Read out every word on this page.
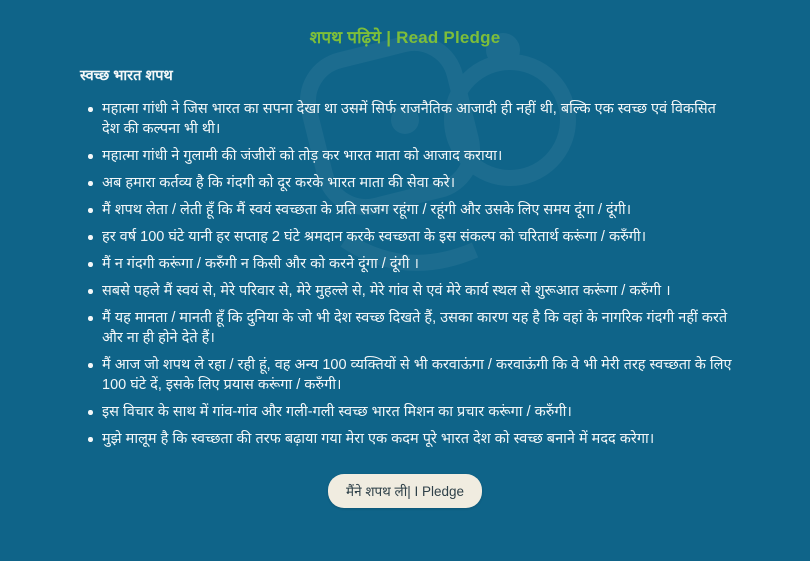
शपथ पढ़िये | Read Pledge
स्वच्छ भारत शपथ
महात्मा गांधी ने जिस भारत का सपना देखा था उसमें सिर्फ राजनैतिक आजादी ही नहीं थी, बल्कि एक स्वच्छ एवं विकसित देश की कल्पना भी थी।
महात्मा गांधी ने गुलामी की जंजीरों को तोड़ कर भारत माता को आजाद कराया।
अब हमारा कर्तव्य है कि गंदगी को दूर करके भारत माता की सेवा करे।
मैं शपथ लेता / लेती हूँ कि मैं स्वयं स्वच्छता के प्रति सजग रहूंगा / रहूंगी और उसके लिए समय दूंगा / दूंगी।
हर वर्ष 100 घंटे यानी हर सप्ताह 2 घंटे श्रमदान करके स्वच्छता के इस संकल्प को चरितार्थ करूंगा / करुँगी।
मैं न गंदगी करूंगा / करुँगी न किसी और को करने दूंगा / दूंगी ।
सबसे पहले मैं स्वयं से, मेरे परिवार से, मेरे मुहल्ले से, मेरे गांव से एवं मेरे कार्य स्थल से शुरूआत करूंगा / करुँगी ।
मैं यह मानता / मानती हूँ कि दुनिया के जो भी देश स्वच्छ दिखते हैं, उसका कारण यह है कि वहां के नागरिक गंदगी नहीं करते और ना ही होने देते हैं।
मैं आज जो शपथ ले रहा / रही हूं, वह अन्य 100 व्यक्तियों से भी करवाऊंगा / करवाऊंगी कि वे भी मेरी तरह स्वच्छता के लिए 100 घंटे दें, इसके लिए प्रयास करूंगा / करुँगी।
इस विचार के साथ में गांव-गांव और गली-गली स्वच्छ भारत मिशन का प्रचार करूंगा / करुँगी।
मुझे मालूम है कि स्वच्छता की तरफ बढ़ाया गया मेरा एक कदम पूरे भारत देश को स्वच्छ बनाने में मदद करेगा।
मैंने शपथ ली| I Pledge
